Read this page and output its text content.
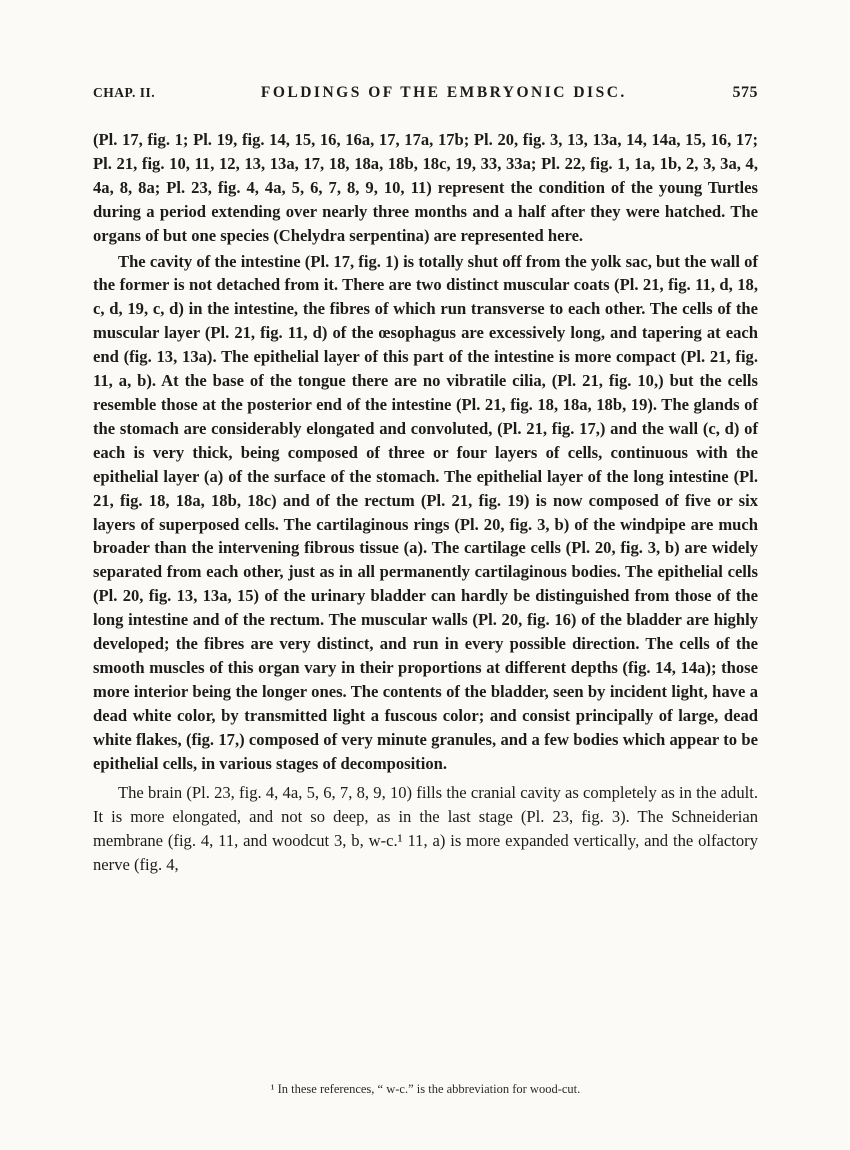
CHAP. II.	FOLDINGS OF THE EMBRYONIC DISC.	575

(Pl. 17, fig. 1; Pl. 19, fig. 14, 15, 16, 16a, 17, 17a, 17b; Pl. 20, fig. 3, 13, 13a, 14, 14a, 15, 16, 17; Pl. 21, fig. 10, 11, 12, 13, 13a, 17, 18, 18a, 18b, 18c, 19, 33, 33a; Pl. 22, fig. 1, 1a, 1b, 2, 3, 3a, 4, 4a, 8, 8a; Pl. 23, fig. 4, 4a, 5, 6, 7, 8, 9, 10, 11) represent the condition of the young Turtles during a period extending over nearly three months and a half after they were hatched. The organs of but one species (Chelydra serpentina) are represented here.

The cavity of the intestine (Pl. 17, fig. 1) is totally shut off from the yolk sac, but the wall of the former is not detached from it. There are two distinct muscular coats (Pl. 21, fig. 11, d, 18, c, d, 19, c, d) in the intestine, the fibres of which run transverse to each other. The cells of the muscular layer (Pl. 21, fig. 11, d) of the œsophagus are excessively long, and tapering at each end (fig. 13, 13a). The epithelial layer of this part of the intestine is more compact (Pl. 21, fig. 11, a, b). At the base of the tongue there are no vibratile cilia, (Pl. 21, fig. 10,) but the cells resemble those at the posterior end of the intestine (Pl. 21, fig. 18, 18a, 18b, 19). The glands of the stomach are considerably elongated and convoluted, (Pl. 21, fig. 17,) and the wall (c, d) of each is very thick, being composed of three or four layers of cells, continuous with the epithelial layer (a) of the surface of the stomach. The epithelial layer of the long intestine (Pl. 21, fig. 18, 18a, 18b, 18c) and of the rectum (Pl. 21, fig. 19) is now composed of five or six layers of superposed cells. The cartilaginous rings (Pl. 20, fig. 3, b) of the windpipe are much broader than the intervening fibrous tissue (a). The cartilage cells (Pl. 20, fig. 3, b) are widely separated from each other, just as in all permanently cartilaginous bodies. The epithelial cells (Pl. 20, fig. 13, 13a, 15) of the urinary bladder can hardly be distinguished from those of the long intestine and of the rectum. The muscular walls (Pl. 20, fig. 16) of the bladder are highly developed; the fibres are very distinct, and run in every possible direction. The cells of the smooth muscles of this organ vary in their proportions at different depths (fig. 14, 14a); those more interior being the longer ones. The contents of the bladder, seen by incident light, have a dead white color, by transmitted light a fuscous color; and consist principally of large, dead white flakes, (fig. 17,) composed of very minute granules, and a few bodies which appear to be epithelial cells, in various stages of decomposition.

The brain (Pl. 23, fig. 4, 4a, 5, 6, 7, 8, 9, 10) fills the cranial cavity as completely as in the adult. It is more elongated, and not so deep, as in the last stage (Pl. 23, fig. 3). The Schneiderian membrane (fig. 4, 11, and woodcut 3, b, w-c.¹ 11, a) is more expanded vertically, and the olfactory nerve (fig. 4,

¹ In these references, “ w-c.” is the abbreviation for wood-cut.
